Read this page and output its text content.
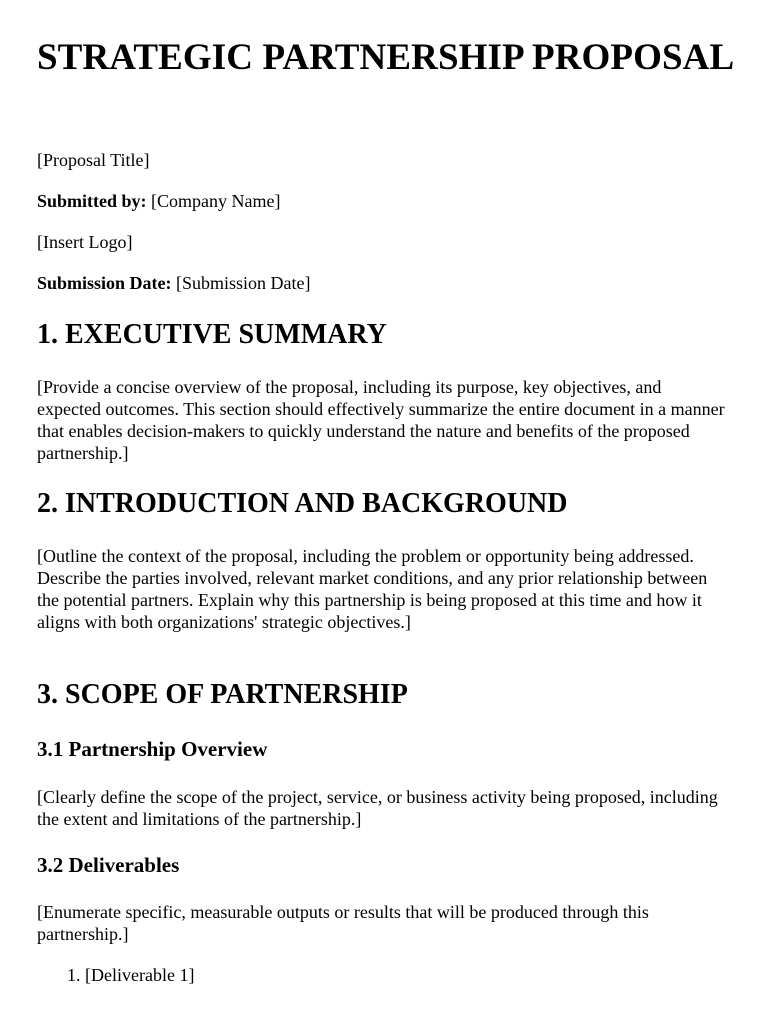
STRATEGIC PARTNERSHIP PROPOSAL

[Proposal Title]

Submitted by: [Company Name]

[Insert Logo]

Submission Date: [Submission Date]

1. EXECUTIVE SUMMARY

[Provide a concise overview of the proposal, including its purpose, key objectives, and expected outcomes. This section should effectively summarize the entire document in a manner that enables decision-makers to quickly understand the nature and benefits of the proposed partnership.]

2. INTRODUCTION AND BACKGROUND

[Outline the context of the proposal, including the problem or opportunity being addressed. Describe the parties involved, relevant market conditions, and any prior relationship between the potential partners. Explain why this partnership is being proposed at this time and how it aligns with both organizations' strategic objectives.]

3. SCOPE OF PARTNERSHIP
3.1 Partnership Overview

[Clearly define the scope of the project, service, or business activity being proposed, including the extent and limitations of the partnership.]

3.2 Deliverables

[Enumerate specific, measurable outputs or results that will be produced through this partnership.]

1. [Deliverable 1]
